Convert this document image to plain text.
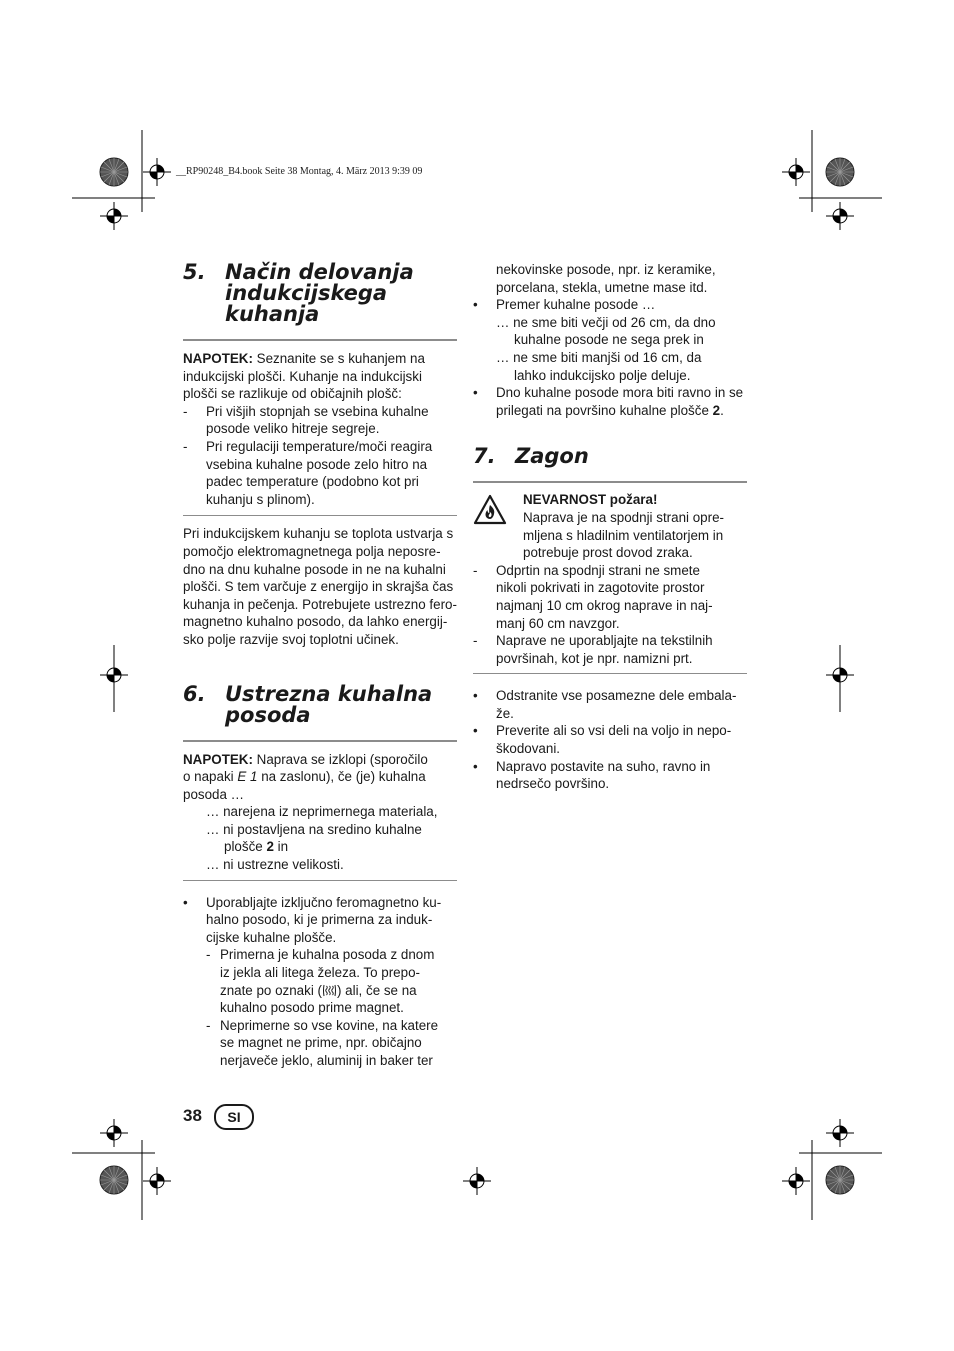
__RP90248_B4.book Seite 38 Montag, 4. März 2013 9:39 09
5. Način delovanja
indukcijskega
kuhanja

NAPOTEK: Seznanite se s kuhanjem na

indukcijski plošči. Kuhanje na indukcijski

plošči se razlikuje od običajnih plošč:

- Pri višjih stopnjah se vsebina kuhalne

posode veliko hitreje segreje.

- Pri regulaciji temperature/moči reagira

vsebina kuhalne posode zelo hitro na

padec temperature (podobno kot pri

kuhanju s plinom).

Pri indukcijskem kuhanju se toplota ustvarja s

pomočjo elektromagnetnega polja neposre-

dno na dnu kuhalne posode in ne na kuhalni

plošči. S tem varčuje z energijo in skrajša čas

kuhanja in pečenja. Potrebujete ustrezno fero-

magnetno kuhalno posodo, da lahko energij-

sko polje razvije svoj toplotni učinek.

6. Ustrezna kuhalna
posoda

NAPOTEK: Naprava se izklopi (sporočilo

o napaki E 1 na zaslonu), če (je) kuhalna

posoda …

… narejena iz neprimernega materiala,

… ni postavljena na sredino kuhalne

plošče 2 in

… ni ustrezne velikosti.

• Uporabljajte izključno feromagnetno ku-

halno posodo, ki je primerna za induk-

cijske kuhalne plošče.

- Primerna je kuhalna posoda z dnom

iz jekla ali litega železa. To prepo-

znate po oznaki ( ) ali, če se na

kuhalno posodo prime magnet.

- Neprimerne so vse kovine, na katere

se magnet ne prime, npr. običajno

nerjaveče jeklo, aluminij in baker ter

38	SI

nekovinske posode, npr. iz keramike,

porcelana, stekla, umetne mase itd.

• Premer kuhalne posode …

… ne sme biti večji od 26 cm, da dno

kuhalne posode ne sega prek in

… ne sme biti manjši od 16 cm, da

lahko indukcijsko polje deluje.

• Dno kuhalne posode mora biti ravno in se

prilegati na površino kuhalne plošče 2.

7. Zagon

NEVARNOST požara!

Naprava je na spodnji strani opre-

mljena s hladilnim ventilatorjem in

potrebuje prost dovod zraka.

- Odprtin na spodnji strani ne smete

nikoli pokrivati in zagotovite prostor

najmanj 10 cm okrog naprave in naj-

manj 60 cm navzgor.

- Naprave ne uporabljajte na tekstilnih

površinah, kot je npr. namizni prt.

• Odstranite vse posamezne dele embala-

že.

• Preverite ali so vsi deli na voljo in nepo-

škodovani.

• Napravo postavite na suho, ravno in

nedrsečo površino.
